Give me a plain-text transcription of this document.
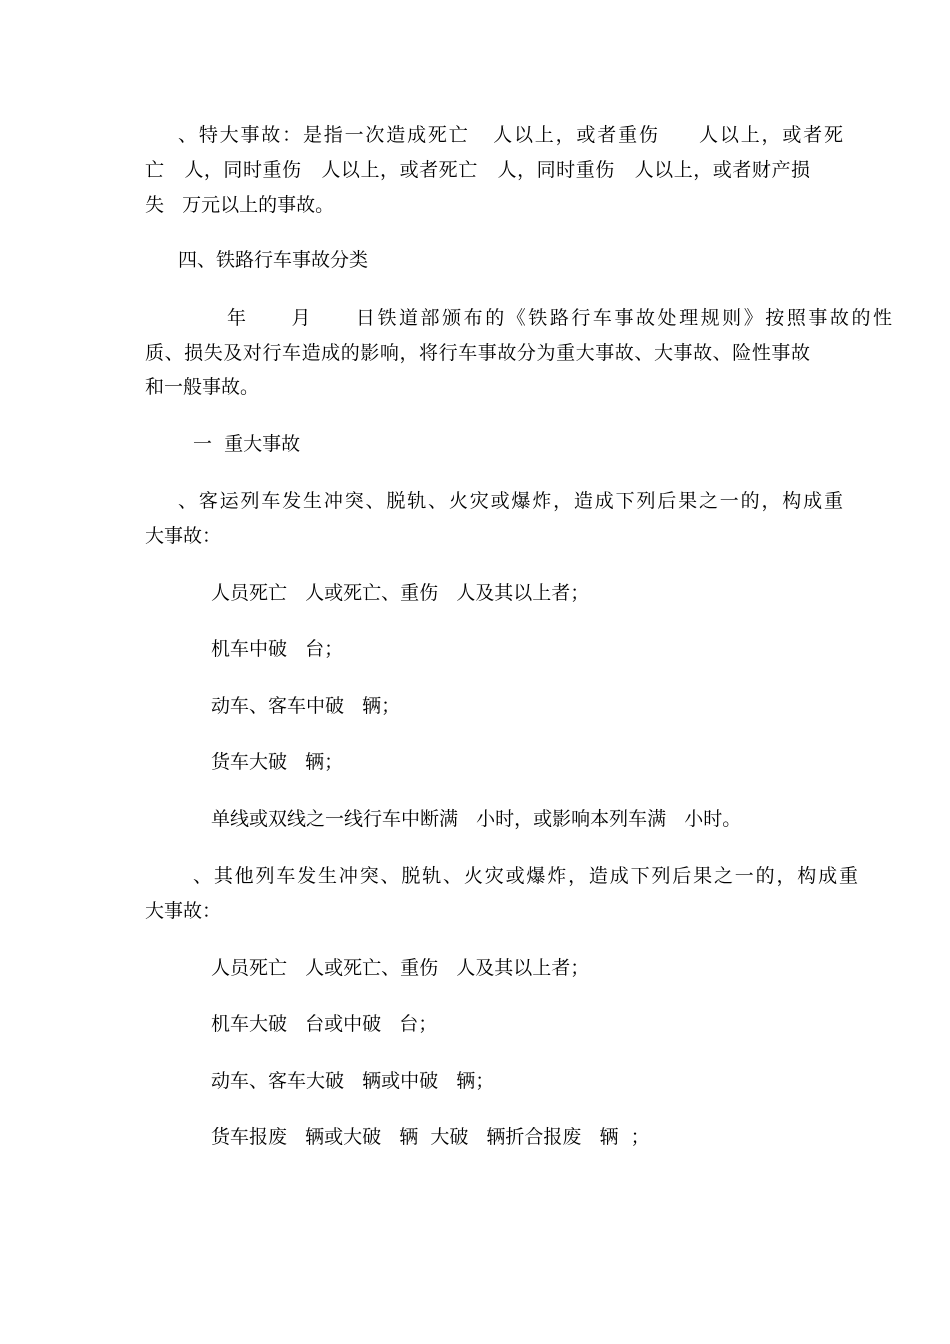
、特大事故：是指一次造成死亡   人以上，或者重伤     人以上，或者死
亡   人，同时重伤   人以上，或者死亡   人，同时重伤   人以上，或者财产损
失   万元以上的事故。
四、铁路行车事故分类
年     月     日铁道部颁布的《铁路行车事故处理规则》按照事故的性
质、损失及对行车造成的影响，将行车事故分为重大事故、大事故、险性事故
和一般事故。
一  重大事故
、客运列车发生冲突、脱轨、火灾或爆炸，造成下列后果之一的，构成重
大事故：
人员死亡   人或死亡、重伤   人及其以上者；
机车中破   台；
动车、客车中破   辆；
货车大破   辆；
单线或双线之一线行车中断满   小时，或影响本列车满   小时。
、其他列车发生冲突、脱轨、火灾或爆炸，造成下列后果之一的，构成重
大事故：
人员死亡   人或死亡、重伤   人及其以上者；
机车大破   台或中破   台；
动车、客车大破   辆或中破   辆；
货车报废   辆或大破   辆  大破   辆折合报废   辆  ；
